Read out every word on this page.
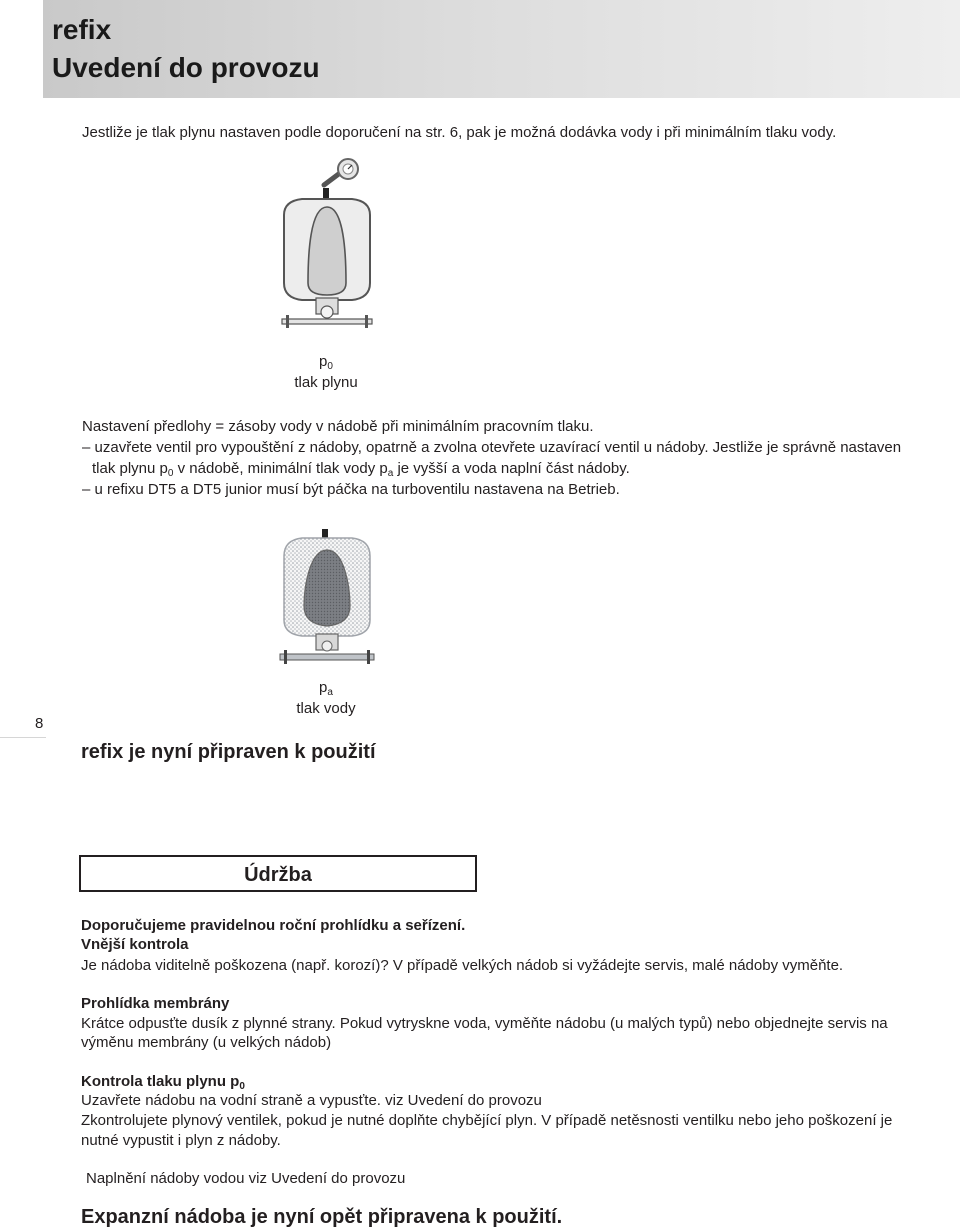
refix
Uvedení do provozu
Jestliže je tlak plynu nastaven podle doporučení na str. 6, pak je možná dodávka vody i při minimálním tlaku vody.
$p_0$
tlak plynu
Nastavení předlohy = zásoby vody v nádobě při minimálním pracovním tlaku.
– uzavřete ventil pro vypouštění z nádoby, opatrně a zvolna otevřete uzavírací ventil u nádoby. Jestliže je správně nastaven
tlak plynu $p_0$ v nádobě, minimální tlak vody $p_a$ je vyšší a voda naplní část nádoby.
– u refixu DT5 a DT5 junior musí být páčka na turboventilu nastavena na Betrieb.
$p_a$
tlak vody
8
refix je nyní připraven k použití
Údržba
Doporučujeme pravidelnou roční prohlídku a seřízení.
Vnější kontrola
Je nádoba viditelně poškozena (např. korozí)? V případě velkých nádob si vyžádejte servis, malé nádoby vyměňte.
Prohlídka membrány
Krátce odpusťte dusík z plynné strany. Pokud vytryskne voda, vyměňte nádobu (u malých typů) nebo objednejte servis na
výměnu membrány (u velkých nádob)
Kontrola tlaku plynu $p_0$
Uzavřete nádobu na vodní straně a vypusťte. viz Uvedení do provozu
Zkontrolujete plynový ventilek, pokud je nutné doplňte chybějící plyn. V případě netěsnosti ventilku nebo jeho poškození je
nutné vypustit i plyn z nádoby.
Naplnění nádoby vodou viz Uvedení do provozu
Expanzní nádoba je nyní opět připravena k použití.
